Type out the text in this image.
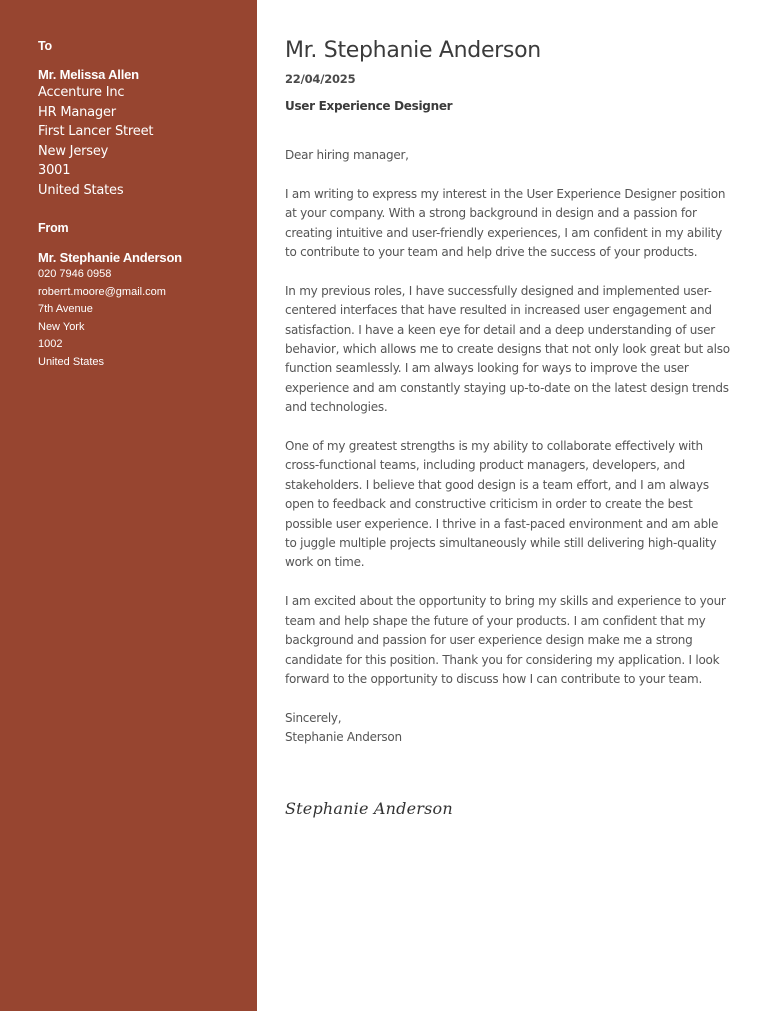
To
Mr. Melissa Allen
Accenture Inc
HR Manager
First Lancer Street
New Jersey
3001
United States
From
Mr. Stephanie Anderson
020 7946 0958
roberrt.moore@gmail.com
7th Avenue
New York
1002
United States
Mr. Stephanie Anderson
22/04/2025
User Experience Designer

Dear hiring manager,

I am writing to express my interest in the User Experience Designer position at your company. With a strong background in design and a passion for creating intuitive and user-friendly experiences, I am confident in my ability to contribute to your team and help drive the success of your products.

In my previous roles, I have successfully designed and implemented user-centered interfaces that have resulted in increased user engagement and satisfaction. I have a keen eye for detail and a deep understanding of user behavior, which allows me to create designs that not only look great but also function seamlessly. I am always looking for ways to improve the user experience and am constantly staying up-to-date on the latest design trends and technologies.

One of my greatest strengths is my ability to collaborate effectively with cross-functional teams, including product managers, developers, and stakeholders. I believe that good design is a team effort, and I am always open to feedback and constructive criticism in order to create the best possible user experience. I thrive in a fast-paced environment and am able to juggle multiple projects simultaneously while still delivering high-quality work on time.

I am excited about the opportunity to bring my skills and experience to your team and help shape the future of your products. I am confident that my background and passion for user experience design make me a strong candidate for this position. Thank you for considering my application. I look forward to the opportunity to discuss how I can contribute to your team.

Sincerely,
Stephanie Anderson
Stephanie Anderson
